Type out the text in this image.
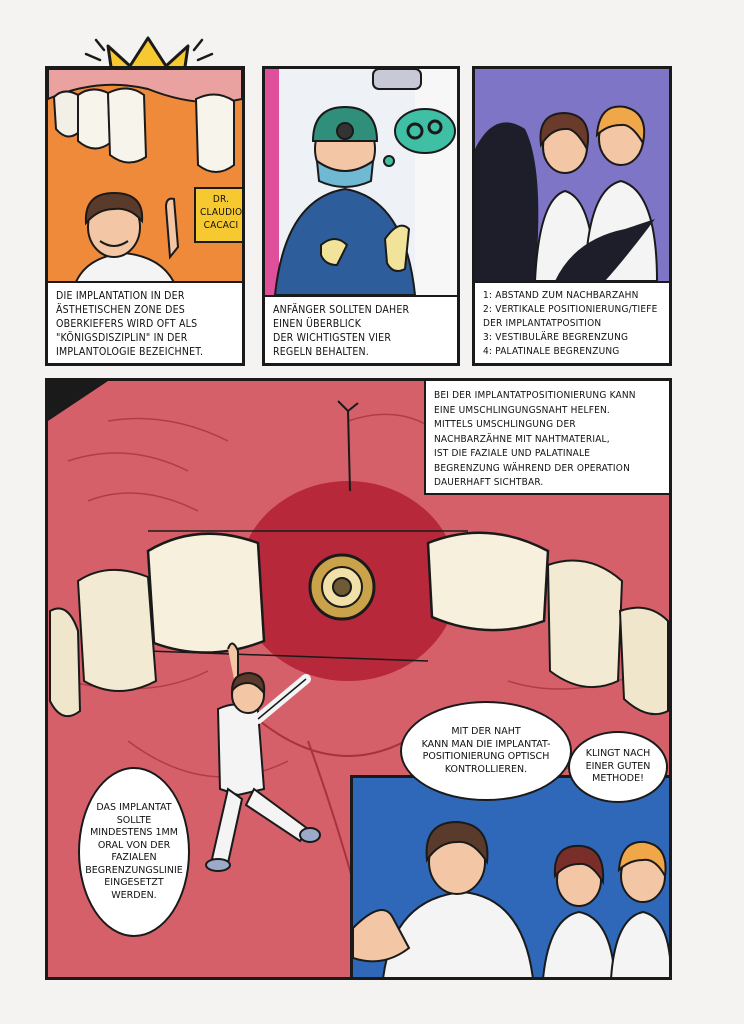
DR.
CLAUDIO
CACACI
DIE IMPLANTATION IN DER
ÄSTHETISCHEN ZONE DES
OBERKIEFERS WIRD OFT ALS
"KÖNIGSDISZIPLIN" IN DER
IMPLANTOLOGIE BEZEICHNET.
ANFÄNGER SOLLTEN DAHER
EINEN ÜBERBLICK
DER WICHTIGSTEN VIER
REGELN BEHALTEN.
1: ABSTAND ZUM NACHBARZAHN
2: VERTIKALE POSITIONIERUNG/TIEFE
DER IMPLANTATPOSITION
3: VESTIBULÄRE BEGRENZUNG
4: PALATINALE BEGRENZUNG
BEI DER IMPLANTATPOSITIONIERUNG KANN
EINE UMSCHLINGUNGSNAHT HELFEN.
MITTELS UMSCHLINGUNG DER
NACHBARZÄHNE MIT NAHTMATERIAL,
IST DIE FAZIALE UND PALATINALE
BEGRENZUNG WÄHREND DER OPERATION
DAUERHAFT SICHTBAR.
DAS IMPLANTAT
SOLLTE
MINDESTENS 1MM
ORAL VON DER
FAZIALEN
BEGRENZUNGSLINIE
EINGESETZT
WERDEN.
MIT DER NAHT
KANN MAN DIE IMPLANTAT-
POSITIONIERUNG OPTISCH
KONTROLLIEREN.
KLINGT NACH
EINER GUTEN
METHODE!
